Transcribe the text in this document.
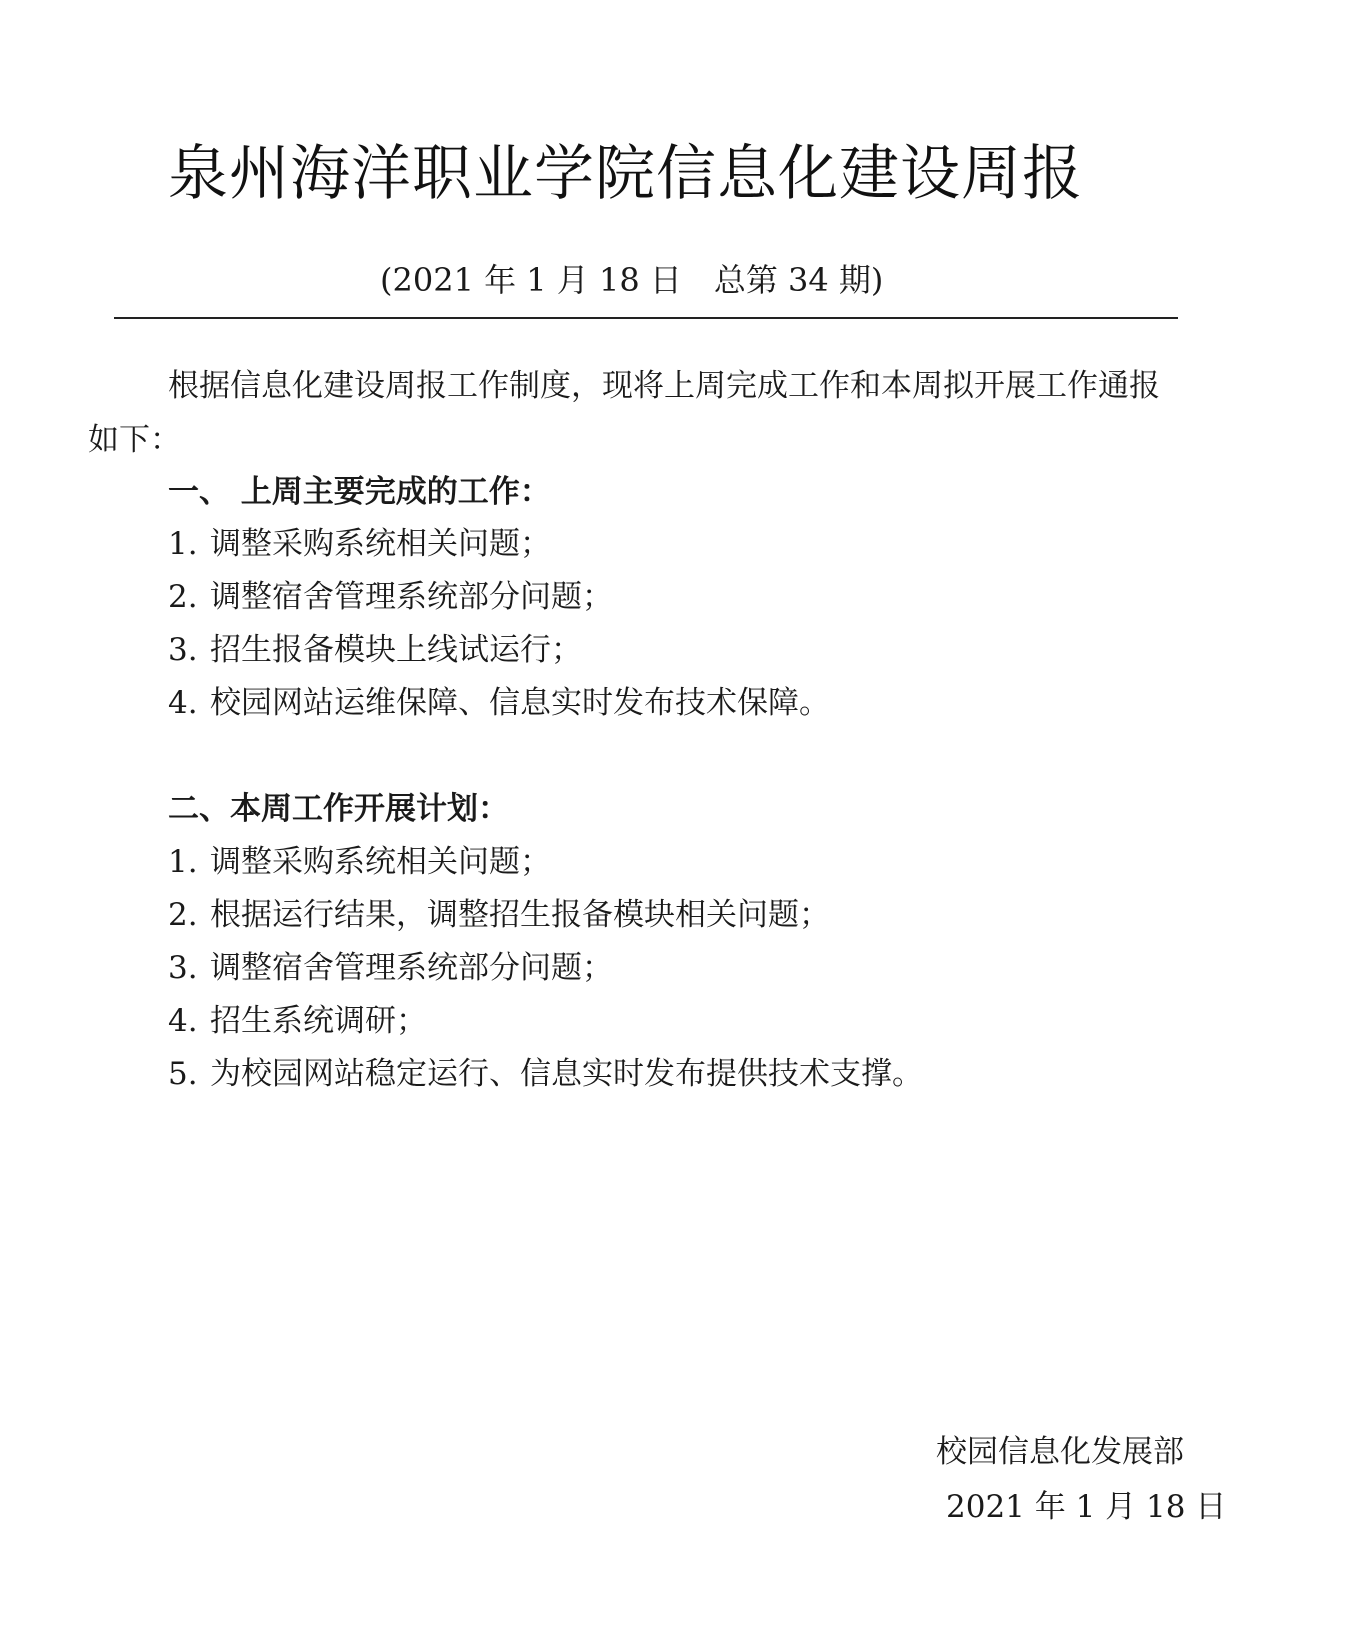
泉州海洋职业学院信息化建设周报
(2021 年 1 月 18 日　总第 34 期)
根据信息化建设周报工作制度，现将上周完成工作和本周拟开展工作通报
如下：
一、 上周主要完成的工作：
1. 调整采购系统相关问题；
2. 调整宿舍管理系统部分问题；
3. 招生报备模块上线试运行；
4. 校园网站运维保障、信息实时发布技术保障。
二、本周工作开展计划：
1. 调整采购系统相关问题；
2. 根据运行结果，调整招生报备模块相关问题；
3. 调整宿舍管理系统部分问题；
4. 招生系统调研；
5. 为校园网站稳定运行、信息实时发布提供技术支撑。
校园信息化发展部
2021 年 1 月 18 日
